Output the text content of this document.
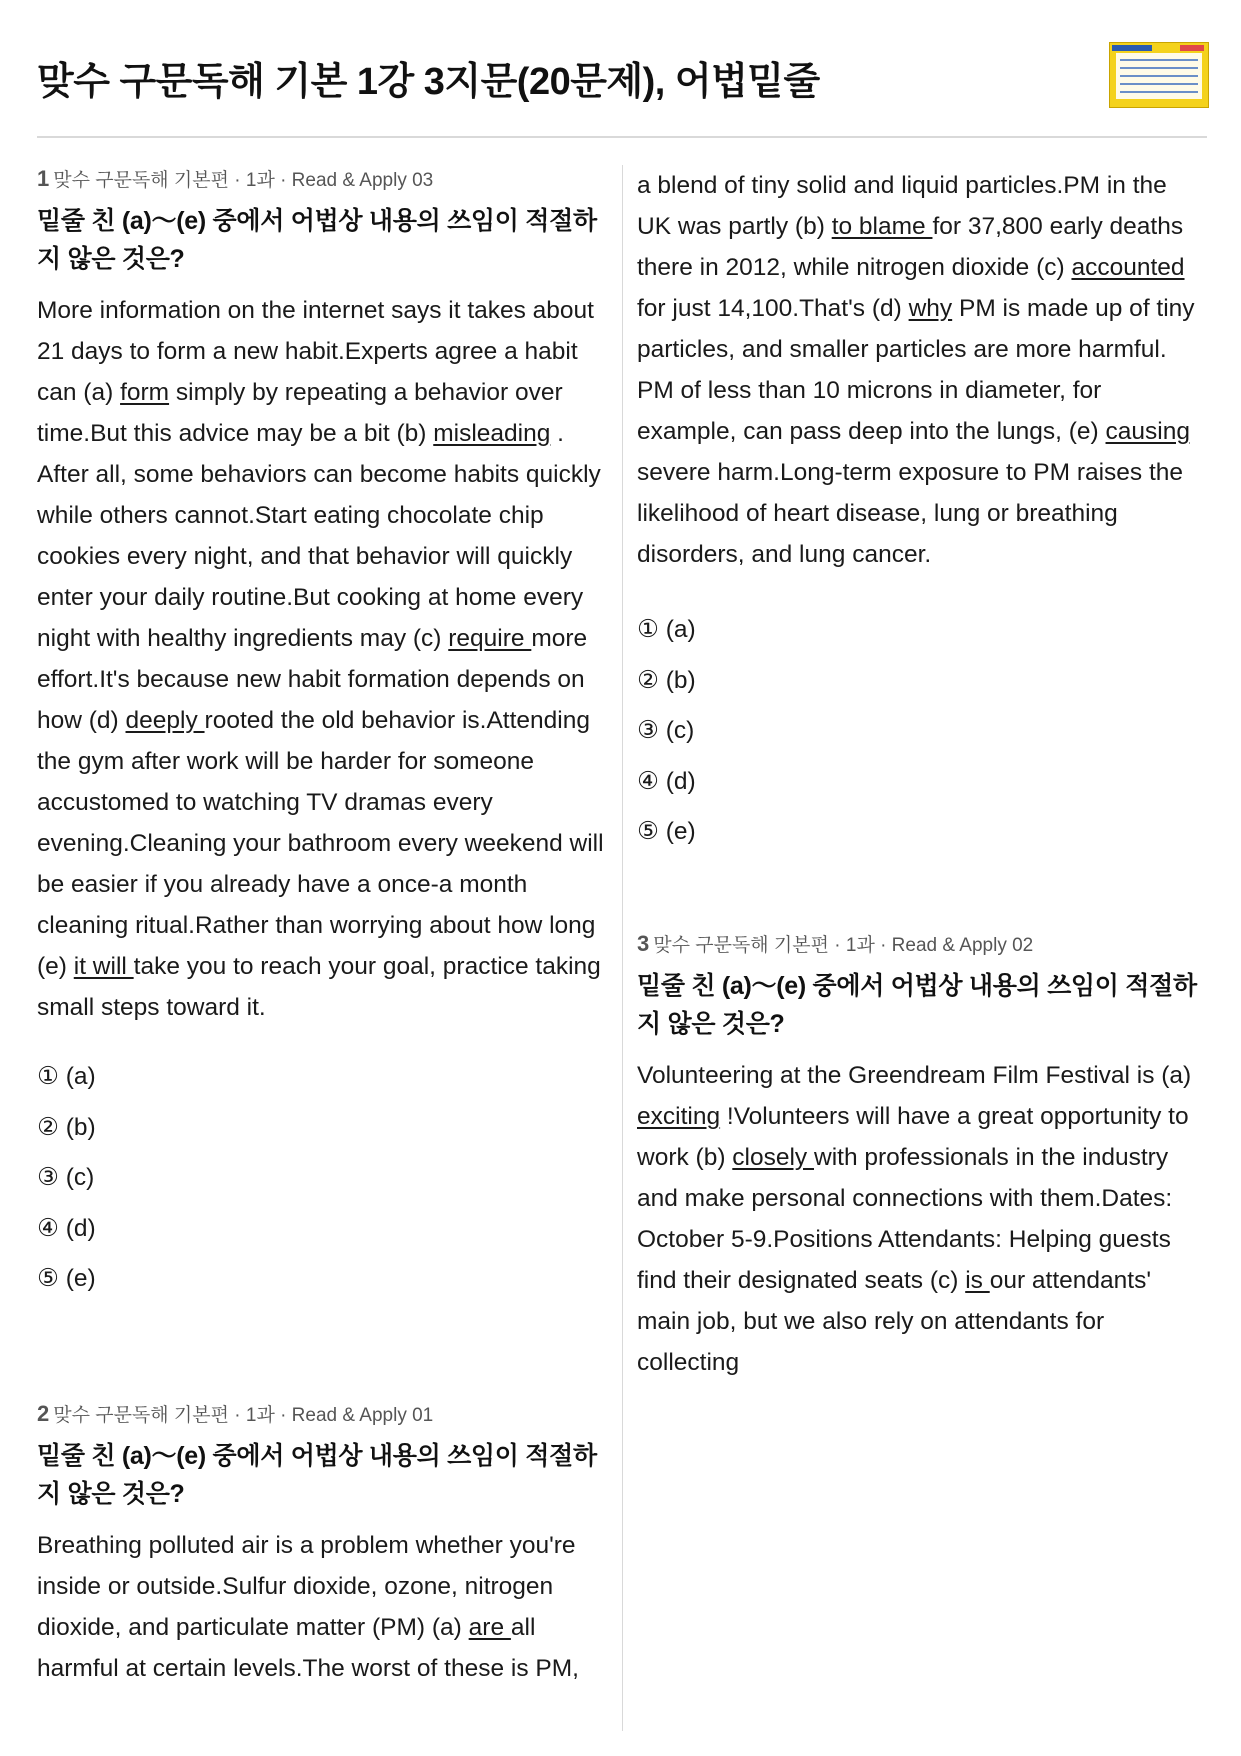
맞수 구문독해 기본 1강 3지문(20문제), 어법밑줄
1 맞수 구문독해 기본편 · 1과 · Read & Apply 03

밑줄 친 (a)〜(e) 중에서 어법상 내용의 쓰임이 적절하지 않은 것은?

More information on the internet says it takes about 21 days to form a new habit.Experts agree a habit can (a) form simply by repeating a behavior over time.But this advice may be a bit (b) misleading . After all, some behaviors can become habits quickly while others cannot.Start eating chocolate chip cookies every night, and that behavior will quickly enter your daily routine.But cooking at home every night with healthy ingredients may (c) require more effort.It's because new habit formation depends on how (d) deeply rooted the old behavior is.Attending the gym after work will be harder for someone accustomed to watching TV dramas every evening.Cleaning your bathroom every weekend will be easier if you already have a once-a month cleaning ritual.Rather than worrying about how long (e) it will take you to reach your goal, practice taking small steps toward it.

① (a)
② (b)
③ (c)
④ (d)
⑤ (e)
2 맞수 구문독해 기본편 · 1과 · Read & Apply 01

밑줄 친 (a)〜(e) 중에서 어법상 내용의 쓰임이 적절하지 않은 것은?

Breathing polluted air is a problem whether you're inside or outside.Sulfur dioxide, ozone, nitrogen dioxide, and particulate matter (PM) (a) are all harmful at certain levels.The worst of these is PM,

a blend of tiny solid and liquid particles.PM in the UK was partly (b) to blame for 37,800 early deaths there in 2012, while nitrogen dioxide (c) accounted for just 14,100.That's (d) why PM is made up of tiny particles, and smaller particles are more harmful. PM of less than 10 microns in diameter, for example, can pass deep into the lungs, (e) causing severe harm.Long-term exposure to PM raises the likelihood of heart disease, lung or breathing disorders, and lung cancer.

① (a)
② (b)
③ (c)
④ (d)
⑤ (e)
3 맞수 구문독해 기본편 · 1과 · Read & Apply 02

밑줄 친 (a)〜(e) 중에서 어법상 내용의 쓰임이 적절하지 않은 것은?

Volunteering at the Greendream Film Festival is (a) exciting !Volunteers will have a great opportunity to work (b) closely with professionals in the industry and make personal connections with them.Dates: October 5-9.Positions Attendants: Helping guests find their designated seats (c) is our attendants' main job, but we also rely on attendants for collecting
